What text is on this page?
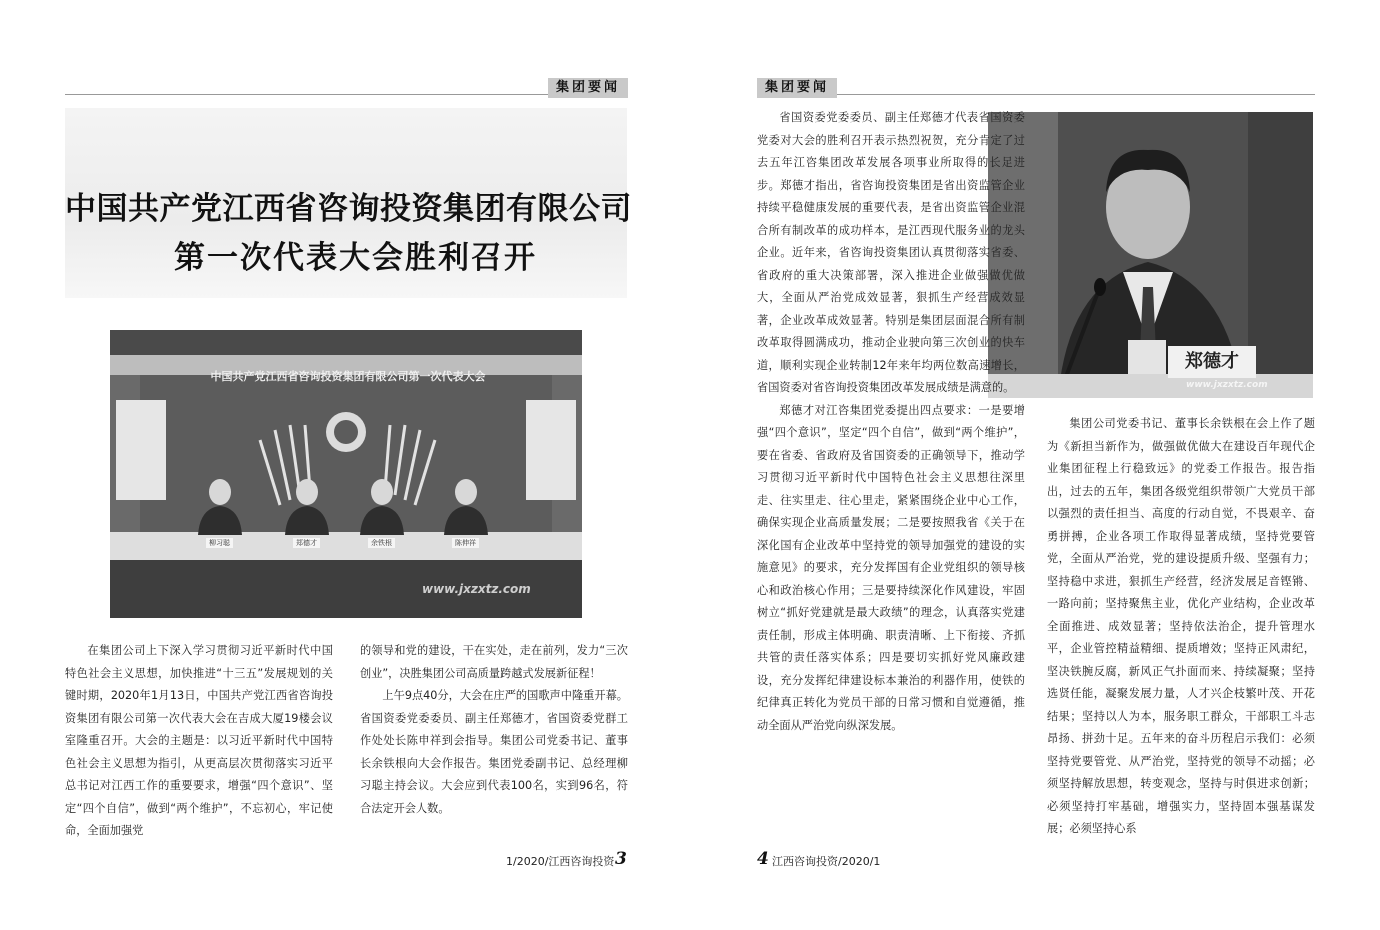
集团要闻
中国共产党江西省咨询投资集团有限公司
第一次代表大会胜利召开
中国共产党江西省咨询投资集团有限公司第一次代表大会
柳习聪	郑德才	余铁根	陈伸祥
www.jxzxtz.com

在集团公司上下深入学习贯彻习近平新时代中国特色社会主义思想，加快推进“十三五”发展规划的关键时期，2020年1月13日，中国共产党江西省咨询投资集团有限公司第一次代表大会在吉成大厦19楼会议室隆重召开。大会的主题是：以习近平新时代中国特色社会主义思想为指引，从更高层次贯彻落实习近平总书记对江西工作的重要要求，增强“四个意识”、坚定“四个自信”，做到“两个维护”，不忘初心，牢记使命，全面加强党

的领导和党的建设，干在实处，走在前列，发力“三次创业”，决胜集团公司高质量跨越式发展新征程！

上午9点40分，大会在庄严的国歌声中隆重开幕。省国资委党委委员、副主任郑德才，省国资委党群工作处处长陈申祥到会指导。集团公司党委书记、董事长余铁根向大会作报告。集团党委副书记、总经理柳习聪主持会议。大会应到代表100名，实到96名，符合法定开会人数。

1/2020/江西咨询投资 3
集团要闻
郑德才
www.jxzxtz.com

省国资委党委委员、副主任郑德才代表省国资委党委对大会的胜利召开表示热烈祝贺，充分肯定了过去五年江咨集团改革发展各项事业所取得的长足进步。郑德才指出，省咨询投资集团是省出资监管企业持续平稳健康发展的重要代表，是省出资监管企业混合所有制改革的成功样本，是江西现代服务业的龙头企业。近年来，省咨询投资集团认真贯彻落实省委、省政府的重大决策部署，深入推进企业做强做优做大，全面从严治党成效显著，狠抓生产经营成效显著，企业改革成效显著。特别是集团层面混合所有制改革取得圆满成功，推动企业驶向第三次创业的快车道，顺利实现企业转制12年来年均两位数高速增长，省国资委对省咨询投资集团改革发展成绩是满意的。

郑德才对江咨集团党委提出四点要求：一是要增强“四个意识”，坚定“四个自信”，做到“两个维护”，要在省委、省政府及省国资委的正确领导下，推动学习贯彻习近平新时代中国特色社会主义思想往深里走、往实里走、往心里走，紧紧围绕企业中心工作，确保实现企业高质量发展；二是要按照我省《关于在深化国有企业改革中坚持党的领导加强党的建设的实施意见》的要求，充分发挥国有企业党组织的领导核心和政治核心作用；三是要持续深化作风建设，牢固树立“抓好党建就是最大政绩”的理念，认真落实党建责任制，形成主体明确、职责清晰、上下衔接、齐抓共管的责任落实体系；四是要切实抓好党风廉政建设，充分发挥纪律建设标本兼治的利器作用，使铁的纪律真正转化为党员干部的日常习惯和自觉遵循，推动全面从严治党向纵深发展。

集团公司党委书记、董事长余铁根在会上作了题为《新担当新作为，做强做优做大在建设百年现代企业集团征程上行稳致远》的党委工作报告。报告指出，过去的五年，集团各级党组织带领广大党员干部以强烈的责任担当、高度的行动自觉，不畏艰辛、奋勇拼搏，企业各项工作取得显著成绩，坚持党要管党，全面从严治党，党的建设提质升级、坚强有力；坚持稳中求进，狠抓生产经营，经济发展足音铿锵、一路向前；坚持聚焦主业，优化产业结构，企业改革全面推进、成效显著；坚持依法治企，提升管理水平，企业管控精益精细、提质增效；坚持正风肃纪，坚决铁腕反腐，新风正气扑面而来、持续凝聚；坚持选贤任能，凝聚发展力量，人才兴企枝繁叶茂、开花结果；坚持以人为本，服务职工群众，干部职工斗志昂扬、拼劲十足。五年来的奋斗历程启示我们：必须坚持党要管党、从严治党，坚持党的领导不动摇；必须坚持解放思想，转变观念，坚持与时俱进求创新；必须坚持打牢基础，增强实力，坚持固本强基谋发展；必须坚持心系

4 江西咨询投资/2020/1
